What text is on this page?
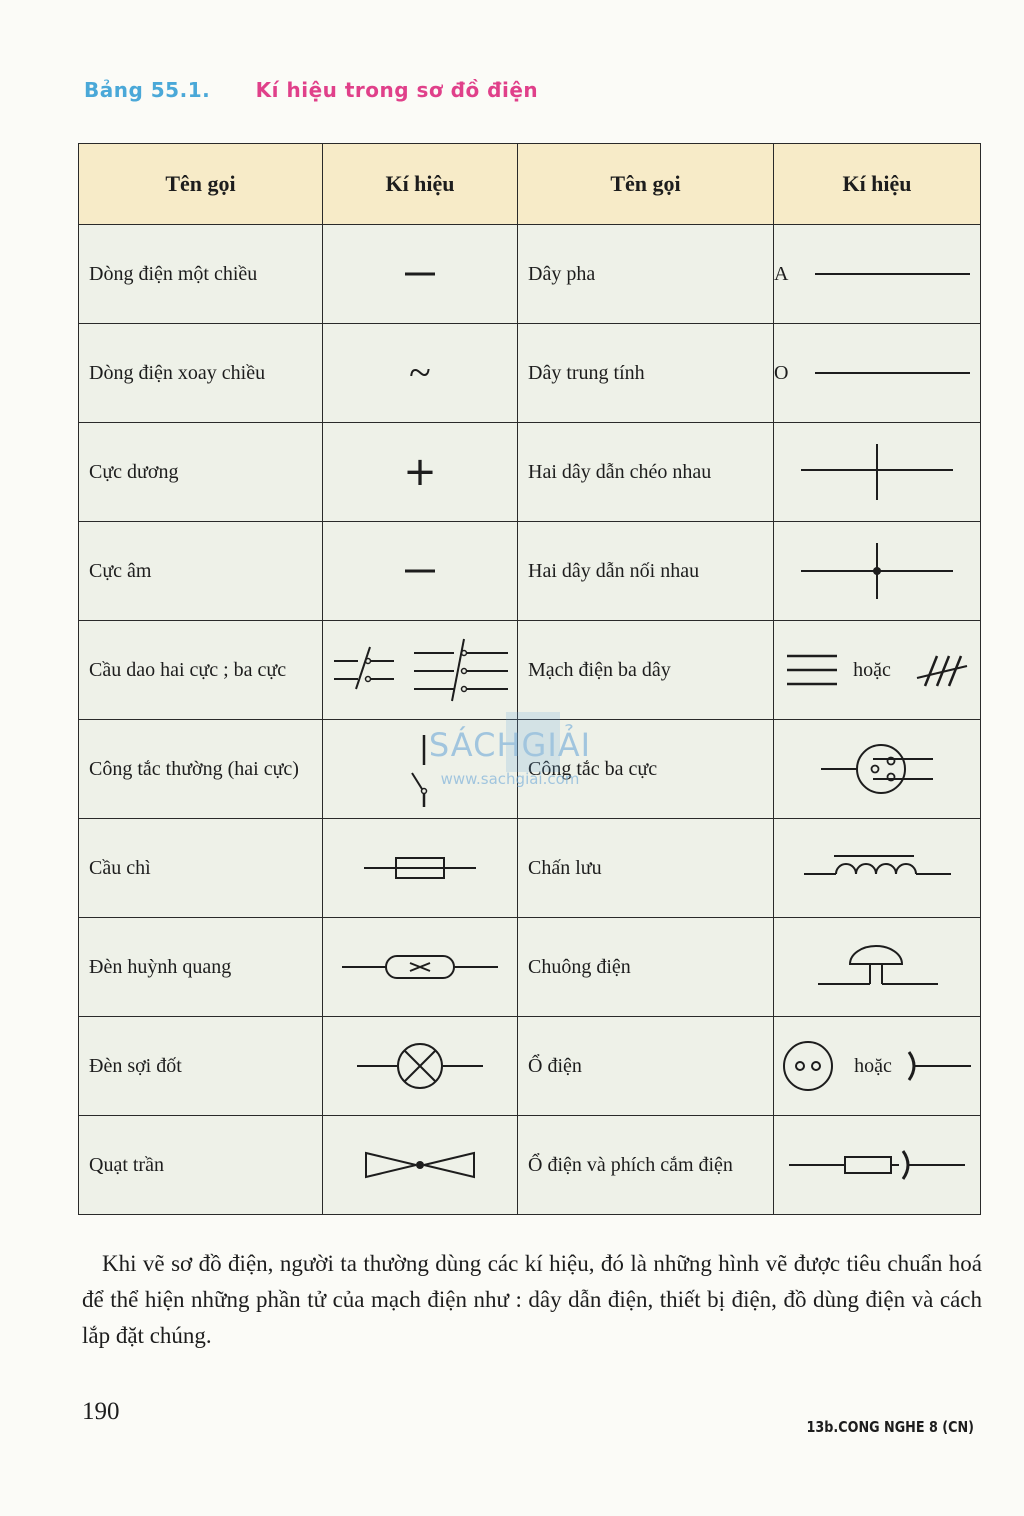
Bảng 55.1. Kí hiệu trong sơ đồ điện
Tên gọi	Kí hiệu	Tên gọi	Kí hiệu
Dòng điện một chiều		Dây pha	A

Dòng điện xoay chiều	~	Dây trung tính	O

Cực dương	+	Hai dây dẫn chéo nhau	

Cực âm		Hai dây dẫn nối nhau	

Cầu dao hai cực ; ba cực		Mạch điện ba dây	hoặc

Công tắc thường (hai cực)		Công tắc ba cực	

Cầu chì		Chấn lưu	

Đèn huỳnh quang		Chuông điện	

Đèn sợi đốt		Ổ điện	hoặc

Quạt trần		Ổ điện và phích cắm điện	
SÁCHGIẢI
www.sachgiai.com

Khi vẽ sơ đồ điện, người ta thường dùng các kí hiệu, đó là những hình vẽ được tiêu chuẩn hoá để thể hiện những phần tử của mạch điện như : dây dẫn điện, thiết bị điện, đồ dùng điện và cách lắp đặt chúng.

190
13b.CONG NGHE 8 (CN)
